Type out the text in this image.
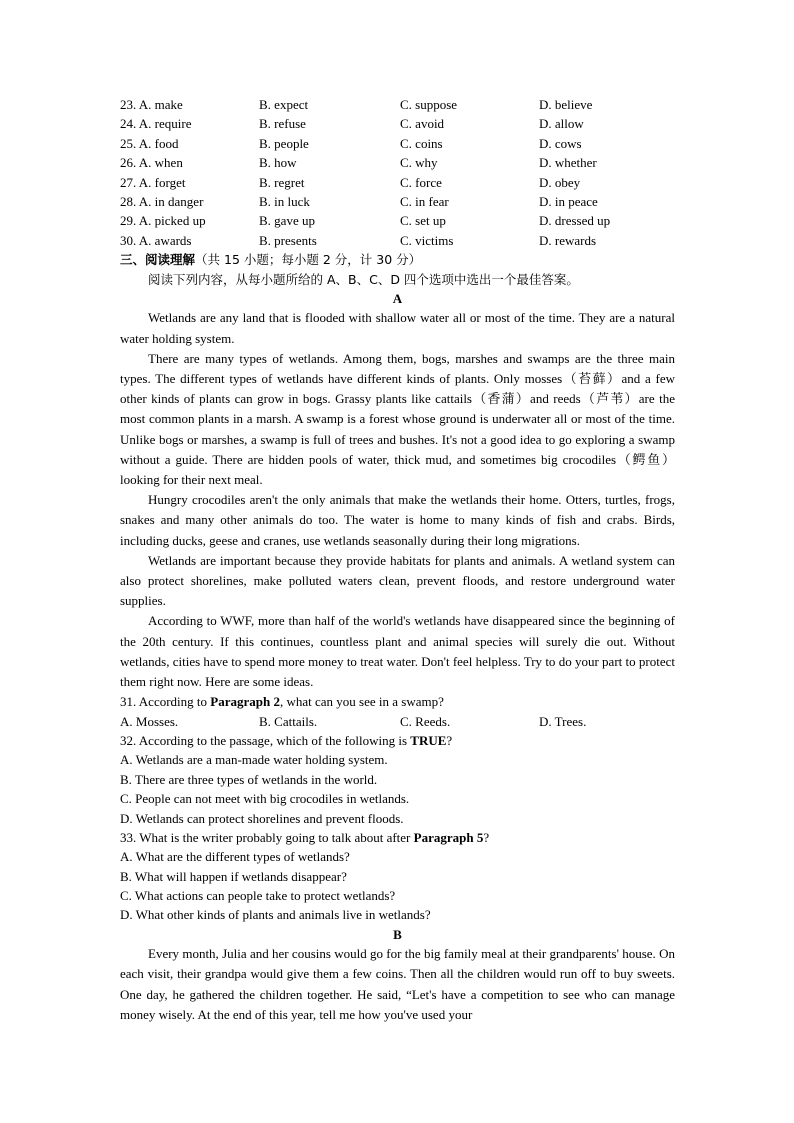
23. A. make	B. expect	C. suppose	D. believe
24. A. require	B. refuse	C. avoid	D. allow
25. A. food	B. people	C. coins	D. cows
26. A. when	B. how	C. why	D. whether
27. A. forget	B. regret	C. force	D. obey
28. A. in danger	B. in luck	C. in fear	D. in peace
29. A. picked up	B. gave up	C. set up	D. dressed up
30. A. awards	B. presents	C. victims	D. rewards
三、阅读理解（共 15 小题；每小题 2 分，计 30 分）
阅读下列内容，从每小题所给的 A、B、C、D 四个选项中选出一个最佳答案。
A

Wetlands are any land that is flooded with shallow water all or most of the time. They are a natural water holding system.

There are many types of wetlands. Among them, bogs, marshes and swamps are the three main types. The different types of wetlands have different kinds of plants. Only mosses（苔藓）and a few other kinds of plants can grow in bogs. Grassy plants like cattails（香蒲）and reeds（芦苇）are the most common plants in a marsh. A swamp is a forest whose ground is underwater all or most of the time. Unlike bogs or marshes, a swamp is full of trees and bushes. It's not a good idea to go exploring a swamp without a guide. There are hidden pools of water, thick mud, and sometimes big crocodiles（鳄鱼）looking for their next meal.

Hungry crocodiles aren't the only animals that make the wetlands their home. Otters, turtles, frogs, snakes and many other animals do too. The water is home to many kinds of fish and crabs. Birds, including ducks, geese and cranes, use wetlands seasonally during their long migrations.

Wetlands are important because they provide habitats for plants and animals. A wetland system can also protect shorelines, make polluted waters clean, prevent floods, and restore underground water supplies.

According to WWF, more than half of the world's wetlands have disappeared since the beginning of the 20th century. If this continues, countless plant and animal species will surely die out. Without wetlands, cities have to spend more money to treat water. Don't feel helpless. Try to do your part to protect them right now. Here are some ideas.

31. According to Paragraph 2, what can you see in a swamp?
A. Mosses.	B. Cattails.	C. Reeds.	D. Trees.
32. According to the passage, which of the following is TRUE?
A. Wetlands are a man-made water holding system.
B. There are three types of wetlands in the world.
C. People can not meet with big crocodiles in wetlands.
D. Wetlands can protect shorelines and prevent floods.
33. What is the writer probably going to talk about after Paragraph 5?
A. What are the different types of wetlands?
B. What will happen if wetlands disappear?
C. What actions can people take to protect wetlands?
D. What other kinds of plants and animals live in wetlands?
B

Every month, Julia and her cousins would go for the big family meal at their grandparents' house. On each visit, their grandpa would give them a few coins. Then all the children would run off to buy sweets. One day, he gathered the children together. He said, “Let's have a competition to see who can manage money wisely. At the end of this year, tell me how you've used your
